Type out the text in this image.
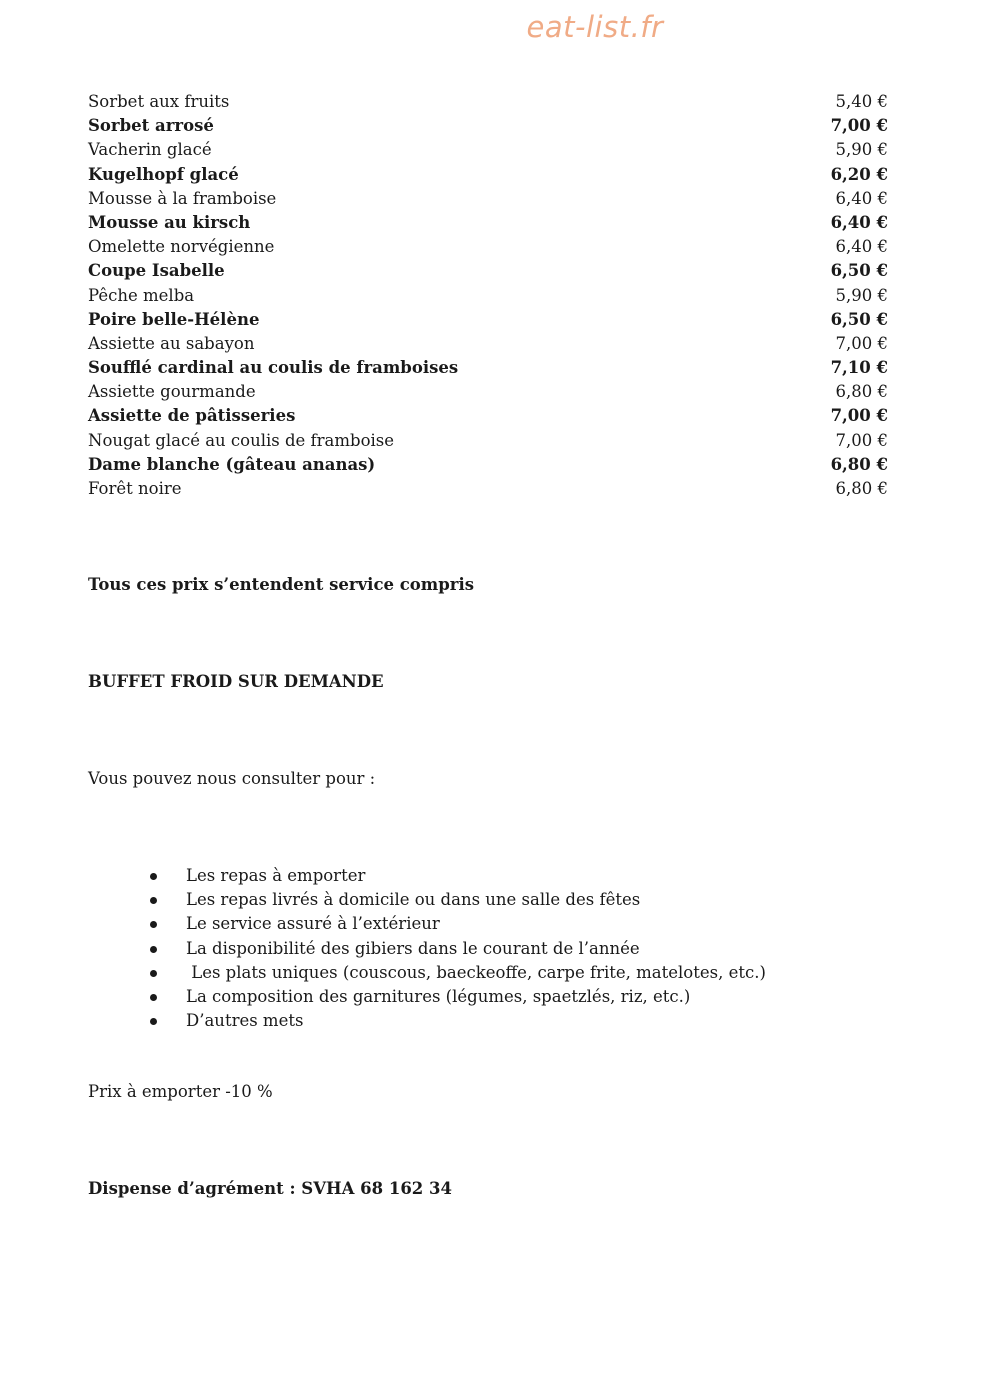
eat-list.fr
Sorbet aux fruits	5,40 €
Sorbet arrosé	7,00 €
Vacherin glacé	5,90 €
Kugelhopf glacé	6,20 €
Mousse à la framboise	6,40 €
Mousse au kirsch	6,40 €
Omelette norvégienne	6,40 €
Coupe Isabelle	6,50 €
Pêche melba	5,90 €
Poire belle-Hélène	6,50 €
Assiette au sabayon	7,00 €
Soufflé cardinal au coulis de framboises	7,10 €
Assiette gourmande	6,80 €
Assiette de pâtisseries	7,00 €
Nougat glacé au coulis de framboise	7,00 €
Dame blanche (gâteau ananas)	6,80 €
Forêt noire	6,80 €
Tous ces prix s’entendent service compris
BUFFET FROID SUR DEMANDE
Vous pouvez nous consulter pour :
Les repas à emporter
Les repas livrés à domicile ou dans une salle des fêtes
Le service assuré à l’extérieur
La disponibilité des gibiers dans le courant de l’année
Les plats uniques (couscous, baeckeoffe, carpe frite, matelotes, etc.)
La composition des garnitures (légumes, spaetzlés, riz, etc.)
D’autres mets
Prix à emporter -10 %
Dispense d’agrément : SVHA 68 162 34
